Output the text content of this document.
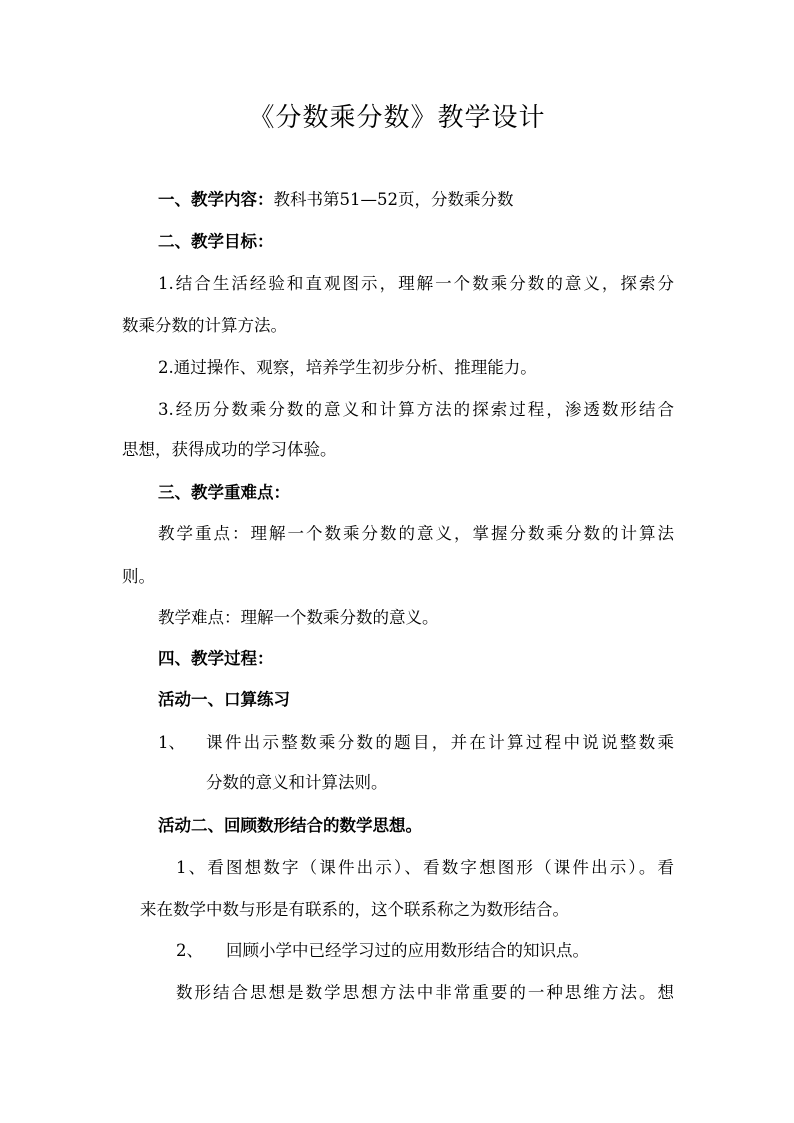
《分数乘分数》教学设计
一、教学内容：教科书第51—52页，分数乘分数
二、教学目标：
1.结合生活经验和直观图示，理解一个数乘分数的意义，探索分
数乘分数的计算方法。
2.通过操作、观察，培养学生初步分析、推理能力。
3.经历分数乘分数的意义和计算方法的探索过程，渗透数形结合
思想，获得成功的学习体验。
三、教学重难点：
教学重点：理解一个数乘分数的意义，掌握分数乘分数的计算法
则。
教学难点：理解一个数乘分数的意义。
四、教学过程：
活动一、口算练习
1、 课件出示整数乘分数的题目，并在计算过程中说说整数乘
分数的意义和计算法则。
活动二、回顾数形结合的数学思想。
1、看图想数字（课件出示）、看数字想图形（课件出示）。看
来在数学中数与形是有联系的，这个联系称之为数形结合。
2、 回顾小学中已经学习过的应用数形结合的知识点。
数形结合思想是数学思想方法中非常重要的一种思维方法。想
